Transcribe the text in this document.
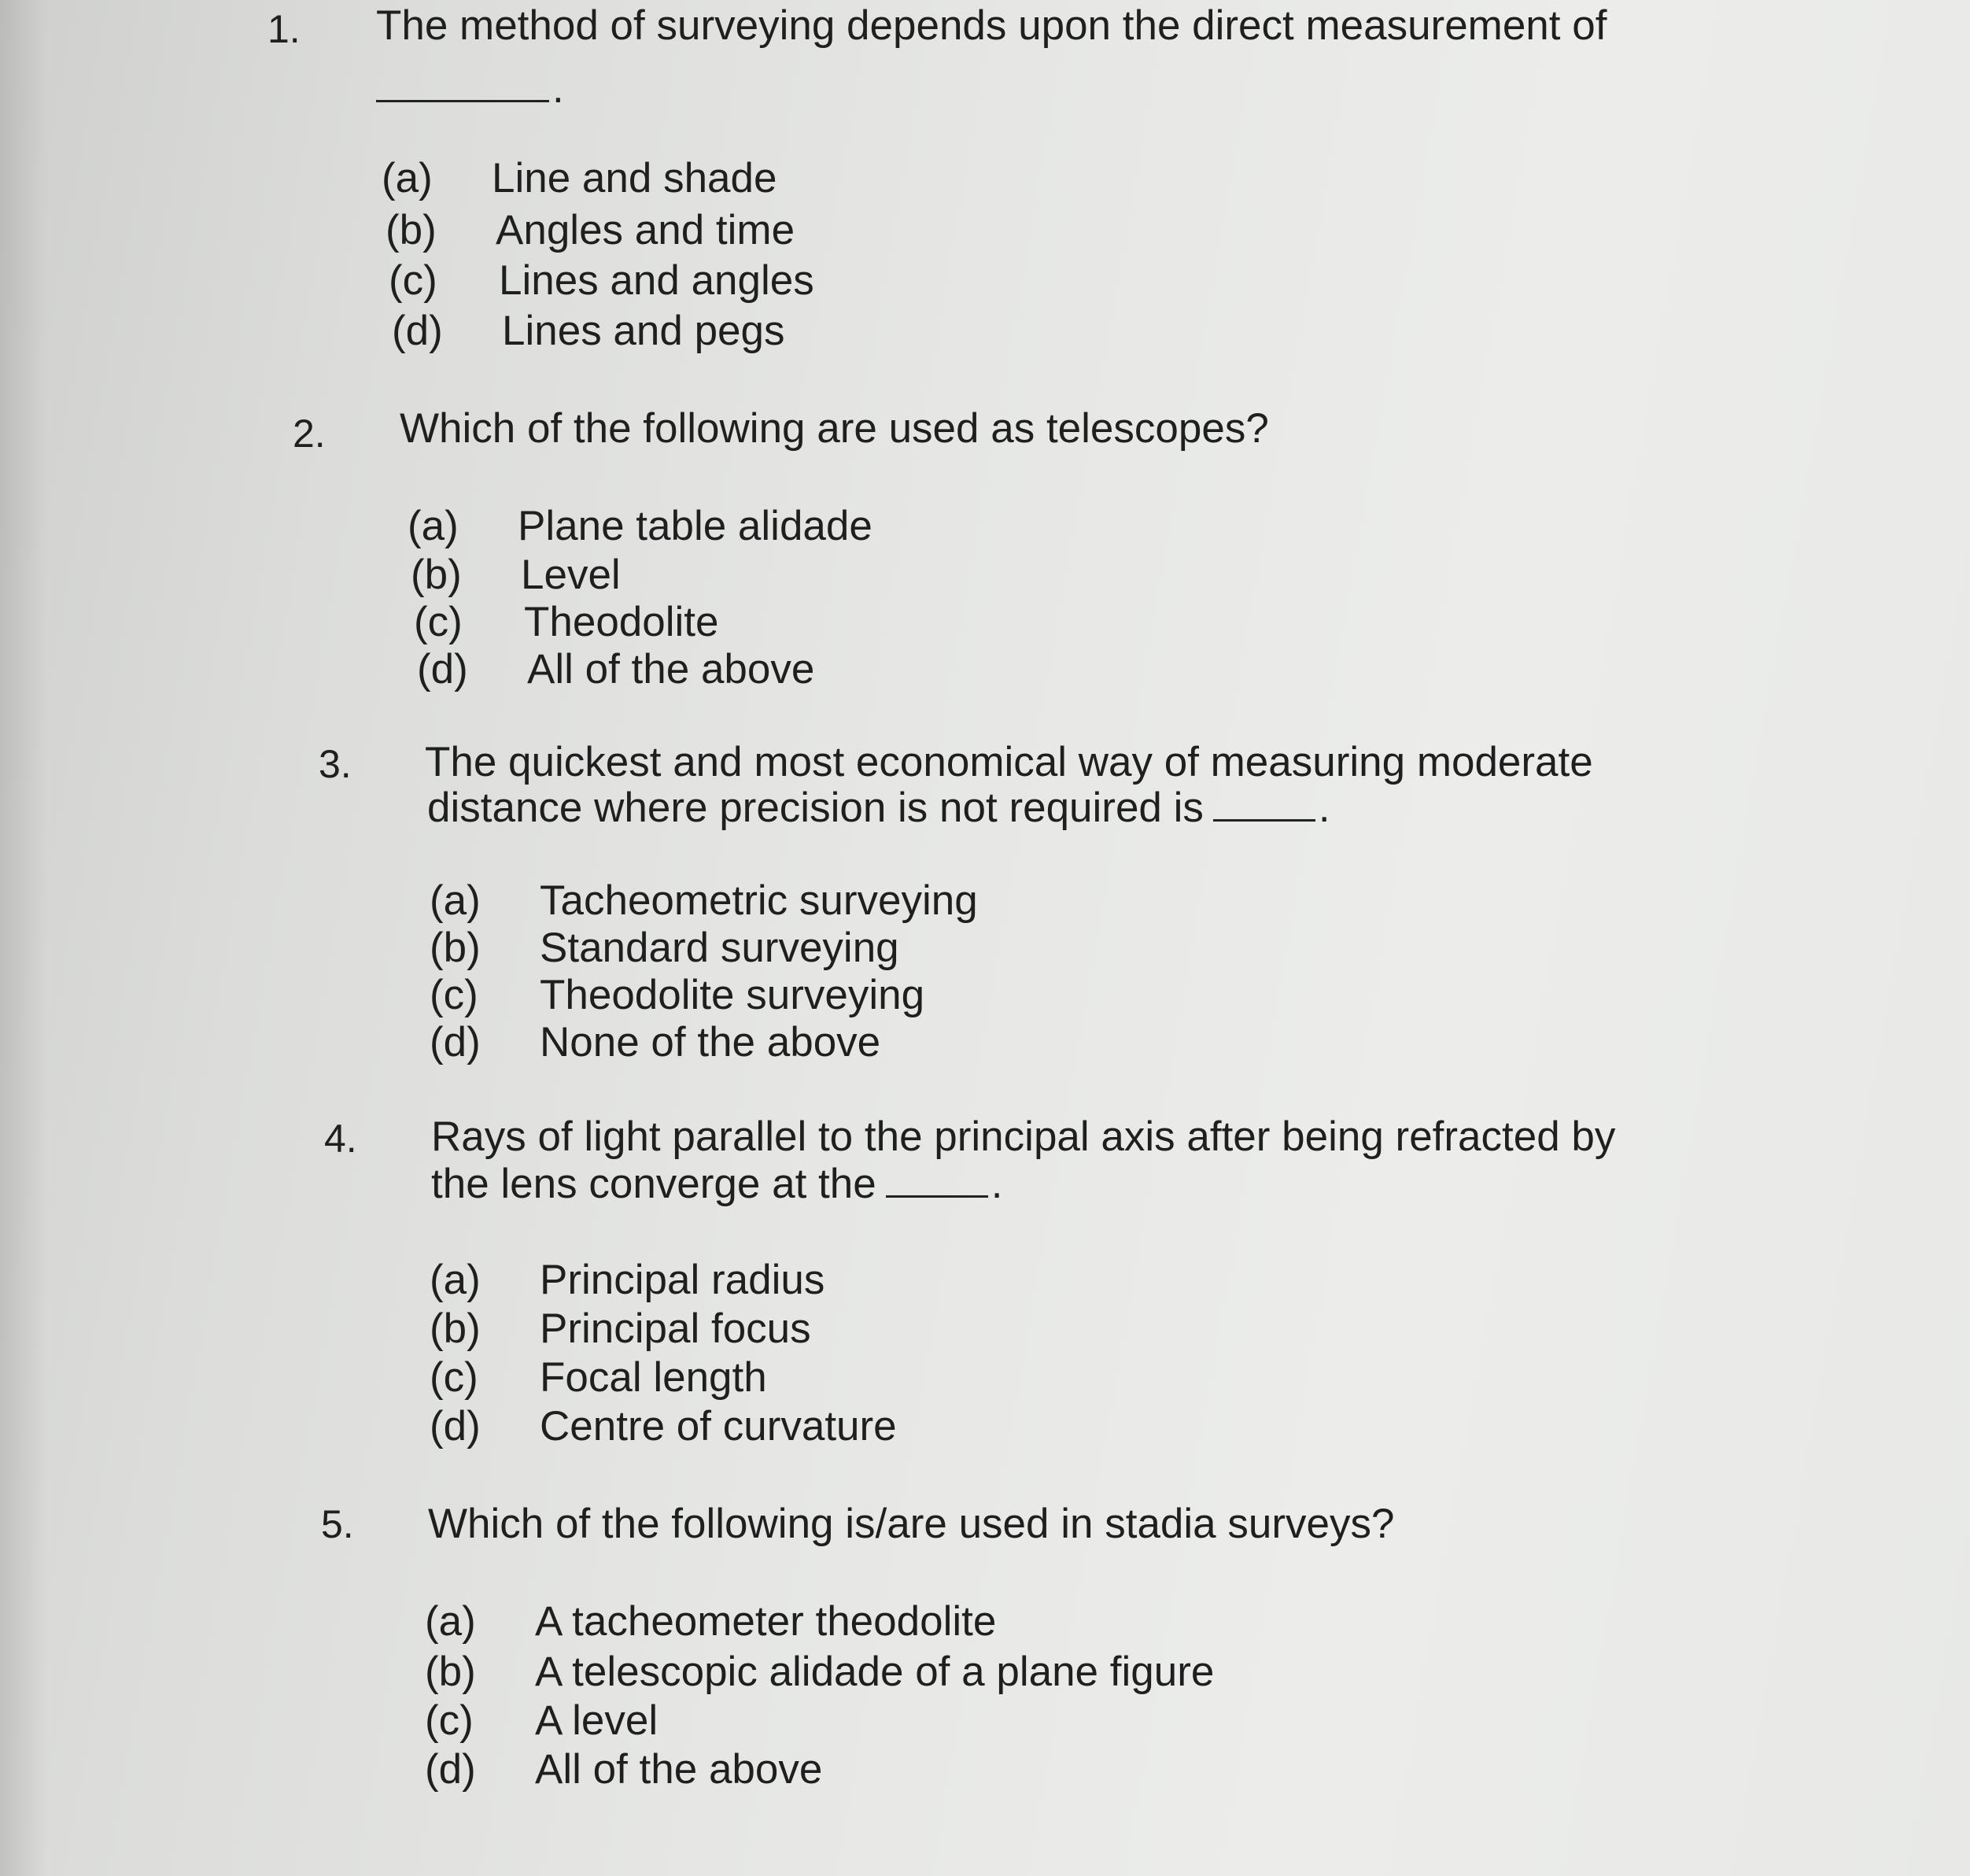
1. The method of surveying depends upon the direct measurement of
.
(a) Line and shade
(b) Angles and time
(c) Lines and angles
(d) Lines and pegs
2. Which of the following are used as telescopes?
(a) Plane table alidade
(b) Level
(c) Theodolite
(d) All of the above
3. The quickest and most economical way of measuring moderate
distance where precision is not required is	.
(a) Tacheometric surveying
(b) Standard surveying
(c) Theodolite surveying
(d) None of the above
4. Rays of light parallel to the principal axis after being refracted by
the lens converge at the	.
(a) Principal radius
(b) Principal focus
(c) Focal length
(d) Centre of curvature
5. Which of the following is/are used in stadia surveys?
(a) A tacheometer theodolite
(b) A telescopic alidade of a plane figure
(c) A level
(d) All of the above
